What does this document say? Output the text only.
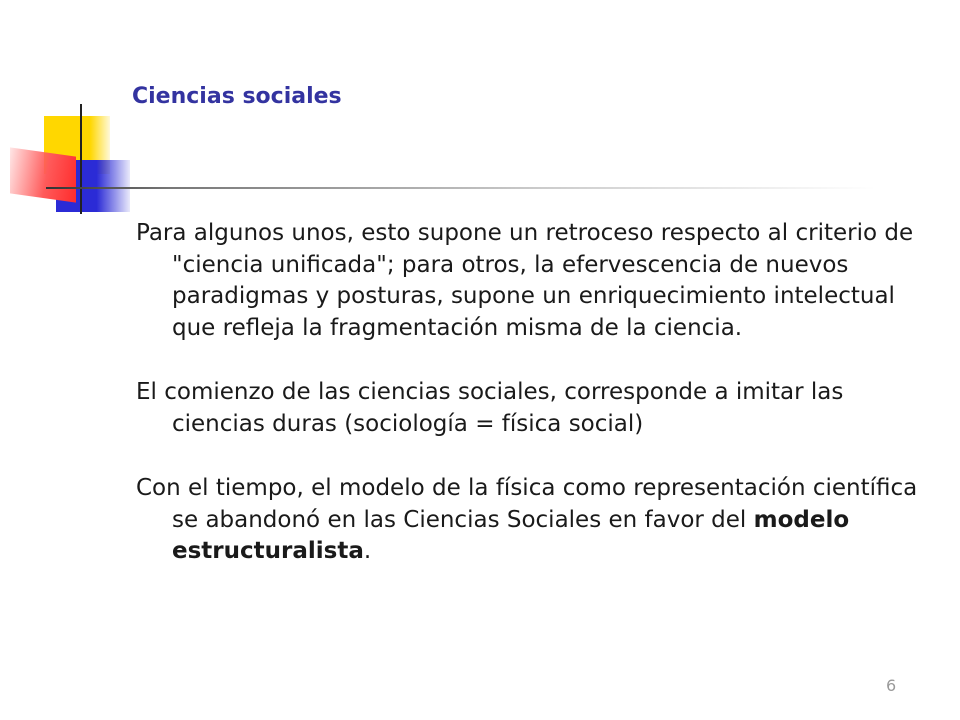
Ciencias sociales

Para algunos unos, esto supone un retroceso respecto al criterio de "ciencia unificada"; para otros, la efervescencia de nuevos paradigmas y posturas, supone un enriquecimiento intelectual que refleja la fragmentación misma de la ciencia.

El comienzo de las ciencias sociales, corresponde a imitar las ciencias duras (sociología = física social)

Con el tiempo, el modelo de la física como representación científica se abandonó en las Ciencias Sociales en favor del modelo estructuralista.

6
